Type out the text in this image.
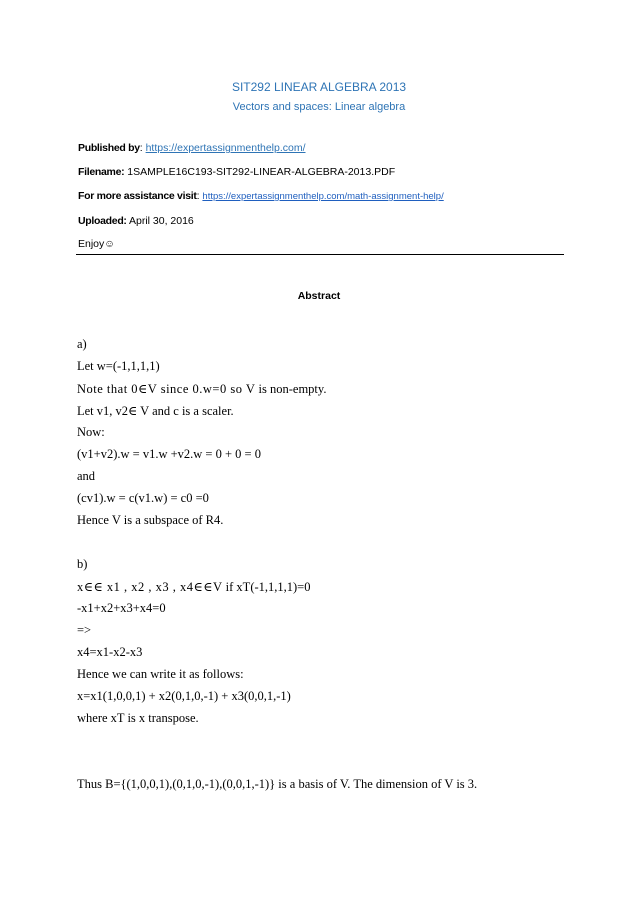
SIT292 LINEAR ALGEBRA 2013
Vectors and spaces: Linear algebra
Published by: https://expertassignmenthelp.com/
Filename: 1SAMPLE16C193-SIT292-LINEAR-ALGEBRA-2013.PDF
For more assistance visit: https://expertassignmenthelp.com/math-assignment-help/
Uploaded: April 30, 2016
Enjoy☺
Abstract
a)
Let w=(-1,1,1,1)
Note that 0∈V since 0.w=0 so V is non-empty.
Let v1, v2∈ V and c is a scaler.
Now:
(v1+v2).w = v1.w +v2.w = 0 + 0 = 0
and
(cv1).w = c(v1.w) = c0 =0
Hence V is a subspace of R4.
b)
x∈∈ x1 , x2 , x3 , x4∈∈V if xT(-1,1,1,1)=0
-x1+x2+x3+x4=0
=>
x4=x1-x2-x3
Hence we can write it as follows:
x=x1(1,0,0,1) + x2(0,1,0,-1) + x3(0,0,1,-1)
where xT is x transpose.
Thus B={(1,0,0,1),(0,1,0,-1),(0,0,1,-1)} is a basis of V. The dimension of V is 3.
